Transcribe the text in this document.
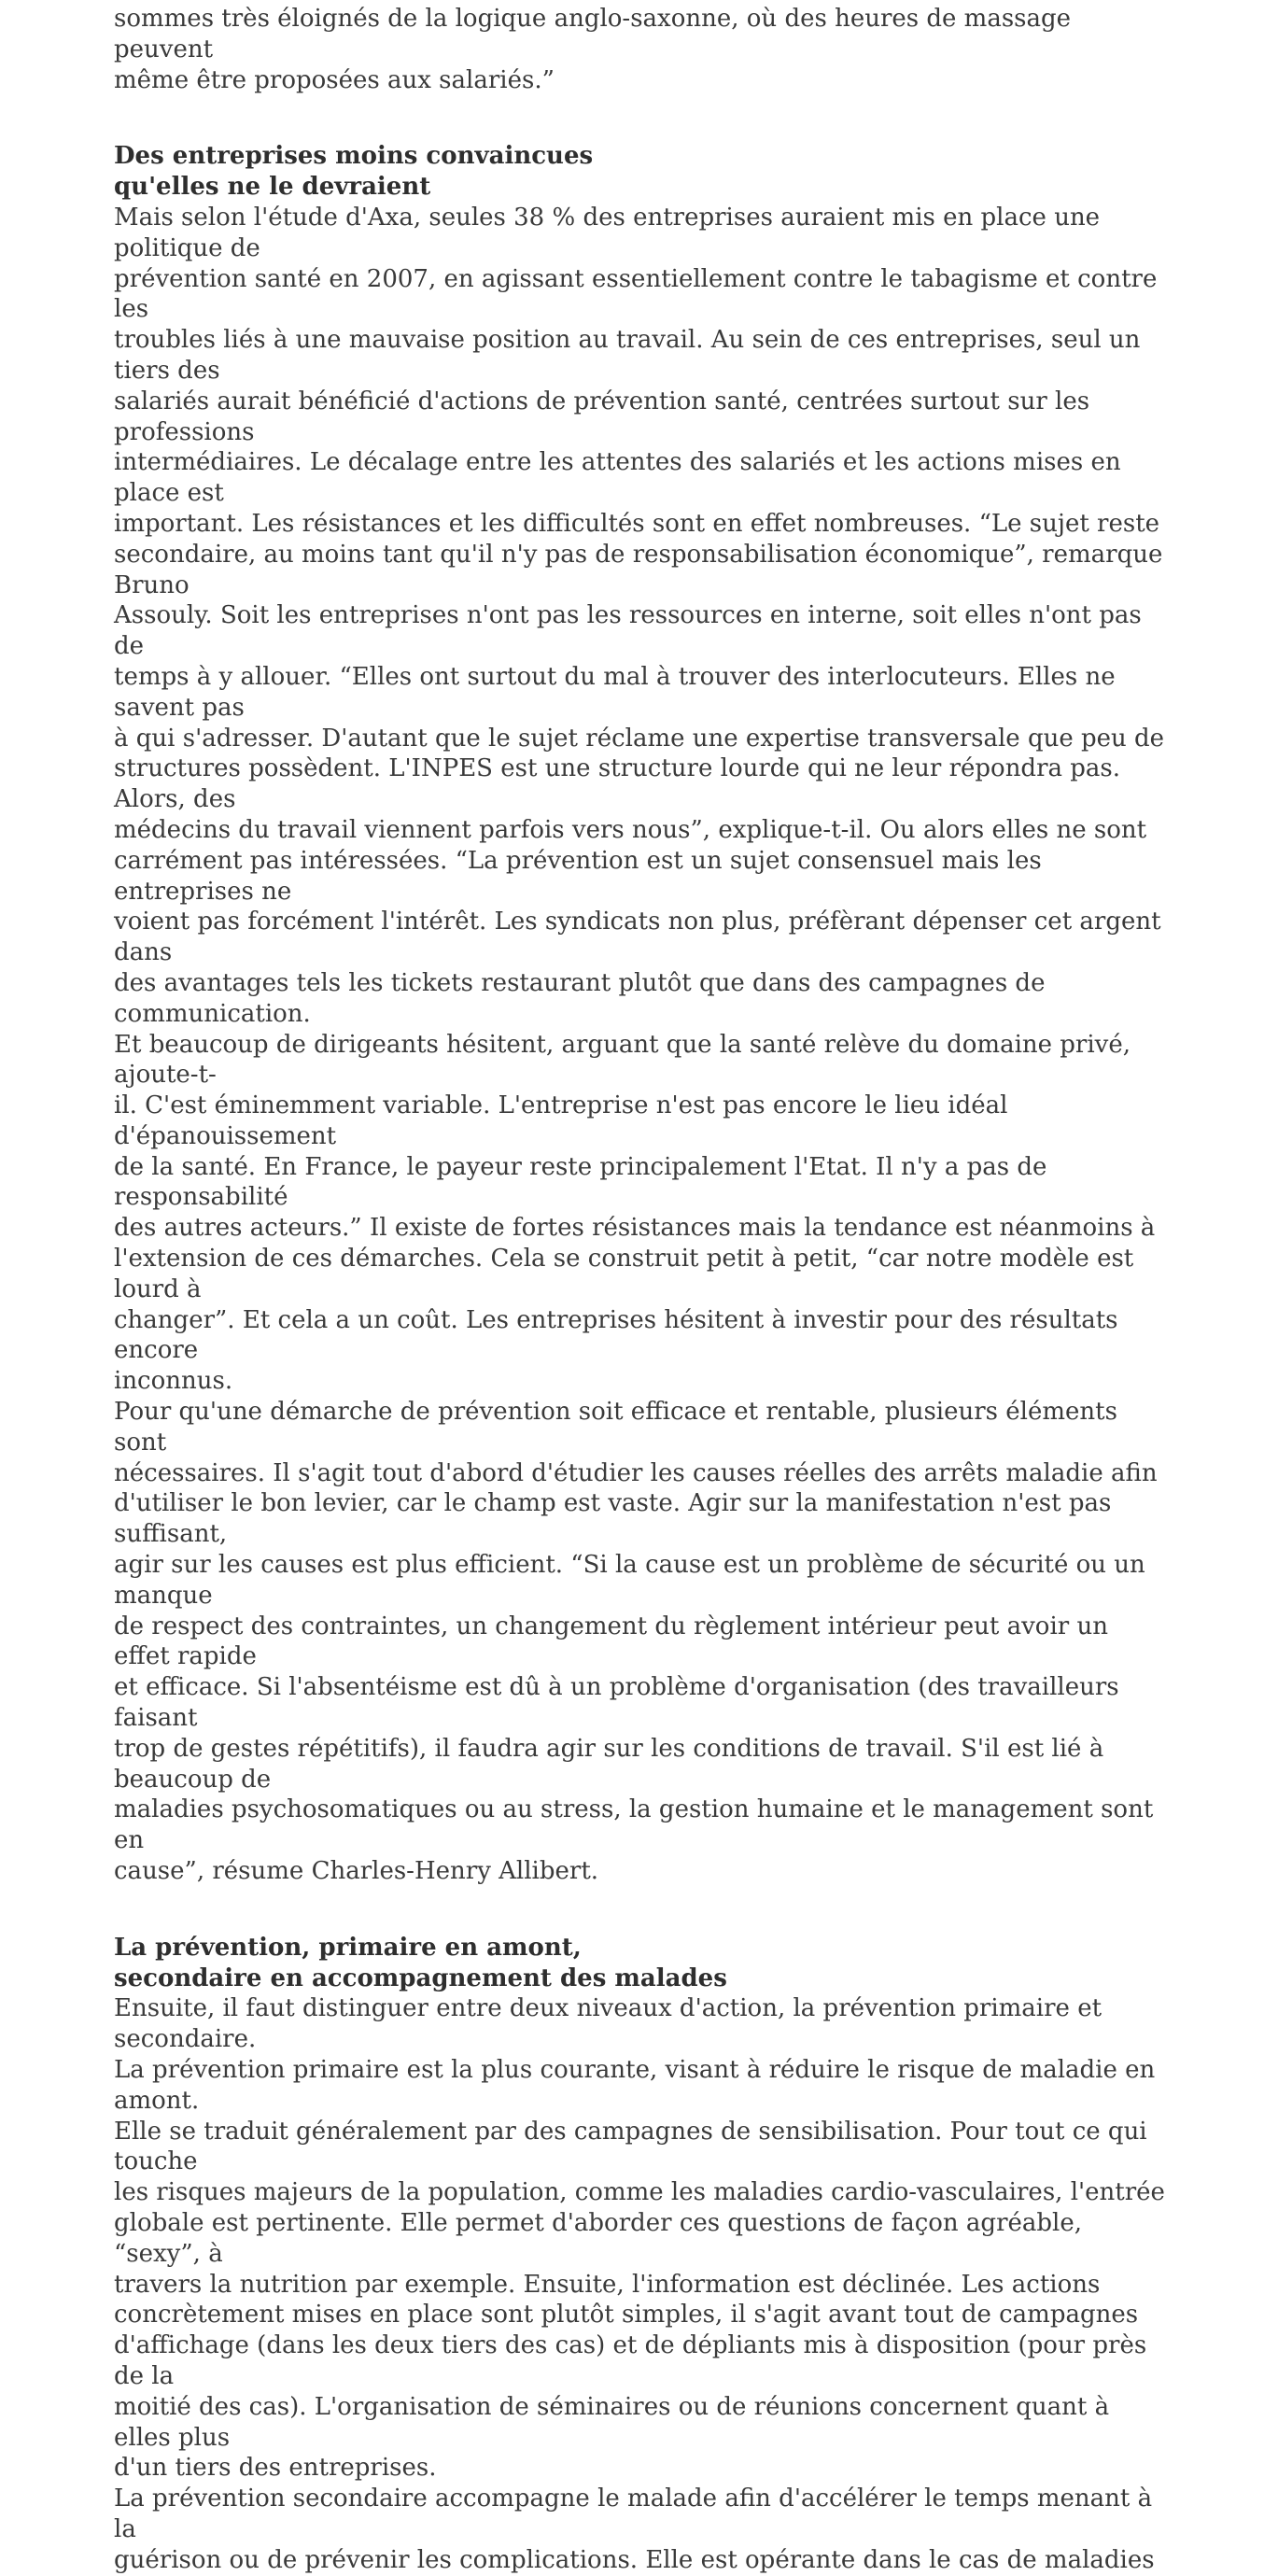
sommes très éloignés de la logique anglo-saxonne, où des heures de massage peuvent
même être proposées aux salariés.”

Des entreprises moins convaincues
qu'elles ne le devraient

Mais selon l'étude d'Axa, seules 38 % des entreprises auraient mis en place une politique de
prévention santé en 2007, en agissant essentiellement contre le tabagisme et contre les
troubles liés à une mauvaise position au travail. Au sein de ces entreprises, seul un tiers des
salariés aurait bénéficié d'actions de prévention santé, centrées surtout sur les professions
intermédiaires. Le décalage entre les attentes des salariés et les actions mises en place est
important. Les résistances et les difficultés sont en effet nombreuses. “Le sujet reste
secondaire, au moins tant qu'il n'y pas de responsabilisation économique”, remarque Bruno
Assouly. Soit les entreprises n'ont pas les ressources en interne, soit elles n'ont pas de
temps à y allouer. “Elles ont surtout du mal à trouver des interlocuteurs. Elles ne savent pas
à qui s'adresser. D'autant que le sujet réclame une expertise transversale que peu de
structures possèdent. L'INPES est une structure lourde qui ne leur répondra pas. Alors, des
médecins du travail viennent parfois vers nous”, explique-t-il. Ou alors elles ne sont
carrément pas intéressées. “La prévention est un sujet consensuel mais les entreprises ne
voient pas forcément l'intérêt. Les syndicats non plus, préfèrant dépenser cet argent dans
des avantages tels les tickets restaurant plutôt que dans des campagnes de communication.
Et beaucoup de dirigeants hésitent, arguant que la santé relève du domaine privé, ajoute-t-
il. C'est éminemment variable. L'entreprise n'est pas encore le lieu idéal d'épanouissement
de la santé. En France, le payeur reste principalement l'Etat. Il n'y a pas de responsabilité
des autres acteurs.” Il existe de fortes résistances mais la tendance est néanmoins à
l'extension de ces démarches. Cela se construit petit à petit, “car notre modèle est lourd à
changer”. Et cela a un coût. Les entreprises hésitent à investir pour des résultats encore
inconnus.

Pour qu'une démarche de prévention soit efficace et rentable, plusieurs éléments sont
nécessaires. Il s'agit tout d'abord d'étudier les causes réelles des arrêts maladie afin
d'utiliser le bon levier, car le champ est vaste. Agir sur la manifestation n'est pas suffisant,
agir sur les causes est plus efficient. “Si la cause est un problème de sécurité ou un manque
de respect des contraintes, un changement du règlement intérieur peut avoir un effet rapide
et efficace. Si l'absentéisme est dû à un problème d'organisation (des travailleurs faisant
trop de gestes répétitifs), il faudra agir sur les conditions de travail. S'il est lié à beaucoup de
maladies psychosomatiques ou au stress, la gestion humaine et le management sont en
cause”, résume Charles-Henry Allibert.

La prévention, primaire en amont,
secondaire en accompagnement des malades

Ensuite, il faut distinguer entre deux niveaux d'action, la prévention primaire et secondaire.
La prévention primaire est la plus courante, visant à réduire le risque de maladie en amont.
Elle se traduit généralement par des campagnes de sensibilisation. Pour tout ce qui touche
les risques majeurs de la population, comme les maladies cardio-vasculaires, l'entrée
globale est pertinente. Elle permet d'aborder ces questions de façon agréable, “sexy”, à
travers la nutrition par exemple. Ensuite, l'information est déclinée. Les actions
concrètement mises en place sont plutôt simples, il s'agit avant tout de campagnes
d'affichage (dans les deux tiers des cas) et de dépliants mis à disposition (pour près de la
moitié des cas). L'organisation de séminaires ou de réunions concernent quant à elles plus
d'un tiers des entreprises.

La prévention secondaire accompagne le malade afin d'accélérer le temps menant à la
guérison ou de prévenir les complications. Elle est opérante dans le cas de maladies
